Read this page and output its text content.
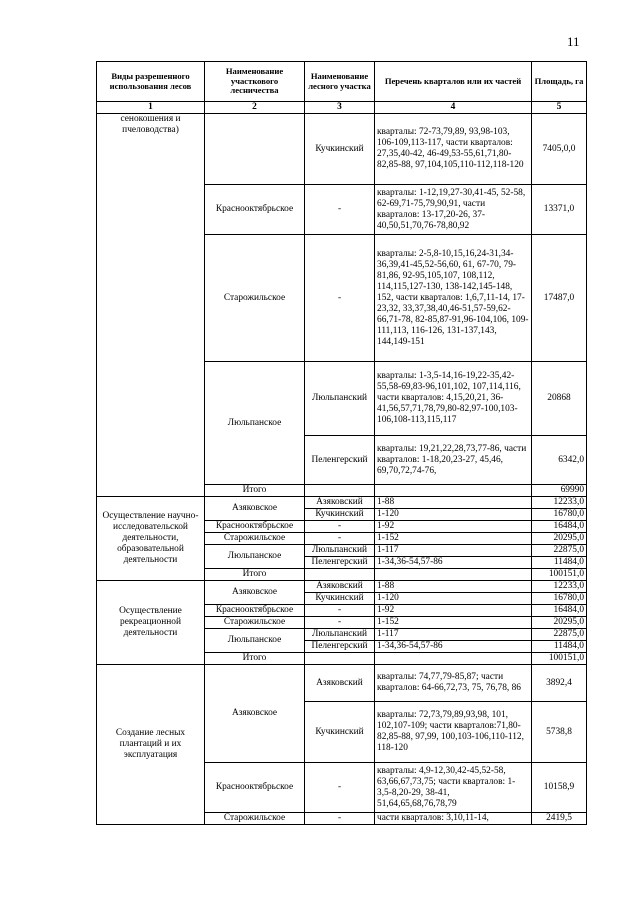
11
Виды разрешенного использования лесов	Наименование участкового лесничества	Наименование лесного участка	Перечень кварталов или их частей	Площадь, га
1	2	3	4	5
сенокошения и пчеловодства)		Кучкинский	кварталы: 72-73,79,89, 93,98-103, 106-109,113-117, части кварталов: 27,35,40-42, 46-49,53-55,61,71,80-82,85-88, 97,104,105,110-112,118-120	7405,0,0
	Краснооктябрьское	-	кварталы: 1-12,19,27-30,41-45, 52-58, 62-69,71-75,79,90,91, части кварталов: 13-17,20-26, 37-40,50,51,70,76-78,80,92	13371,0
	Старожильское	-	кварталы: 2-5,8-10,15,16,24-31,34-36,39,41-45,52-56,60, 61, 67-70, 79-81,86, 92-95,105,107, 108,112, 114,115,127-130, 138-142,145-148, 152, части кварталов: 1,6,7,11-14, 17-23,32, 33,37,38,40,46-51,57-59,62-66,71-78, 82-85,87-91,96-104,106, 109-111,113, 116-126, 131-137,143, 144,149-151	17487,0
	Люльпанское	Люльпанский	кварталы: 1-3,5-14,16-19,22-35,42-55,58-69,83-96,101,102, 107,114,116, части кварталов: 4,15,20,21, 36-41,56,57,71,78,79,80-82,97-100,103-106,108-113,115,117	20868
		Пеленгерский	кварталы: 19,21,22,28,73,77-86, части кварталов: 1-18,20,23-27, 45,46, 69,70,72,74-76,	6342,0
	Итого			69990
Осуществление научно-исследовательской деятельности, образовательной деятельности	Азяковское	Азяковский	1-88	12233,0
		Кучкинский	1-120	16780,0
	Краснооктябрьское	-	1-92	16484,0
	Старожильское	-	1-152	20295,0
	Люльпанское	Люльпанский	1-117	22875,0
		Пеленгерский	1-34,36-54,57-86	11484,0
	Итого			100151,0
Осуществление рекреационной деятельности	Азяковское	Азяковский	1-88	12233,0
		Кучкинский	1-120	16780,0
	Краснооктябрьское	-	1-92	16484,0
	Старожильское	-	1-152	20295,0
	Люльпанское	Люльпанский	1-117	22875,0
		Пеленгерский	1-34,36-54,57-86	11484,0
	Итого			100151,0
Создание лесных плантаций и их эксплуатация	Азяковское	Азяковский	кварталы: 74,77,79-85,87; части кварталов: 64-66,72,73, 75, 76,78, 86	3892,4
		Кучкинский	кварталы: 72,73,79,89,93,98, 101, 102,107-109; части кварталов:71,80-82,85-88, 97,99, 100,103-106,110-112, 118-120	5738,8
	Краснооктябрьское	-	кварталы: 4,9-12,30,42-45,52-58, 63,66,67,73,75; части кварталов: 1-3,5-8,20-29, 38-41, 51,64,65,68,76,78,79	10158,9
	Старожильское	-	части кварталов: 3,10,11-14,	2419,5
